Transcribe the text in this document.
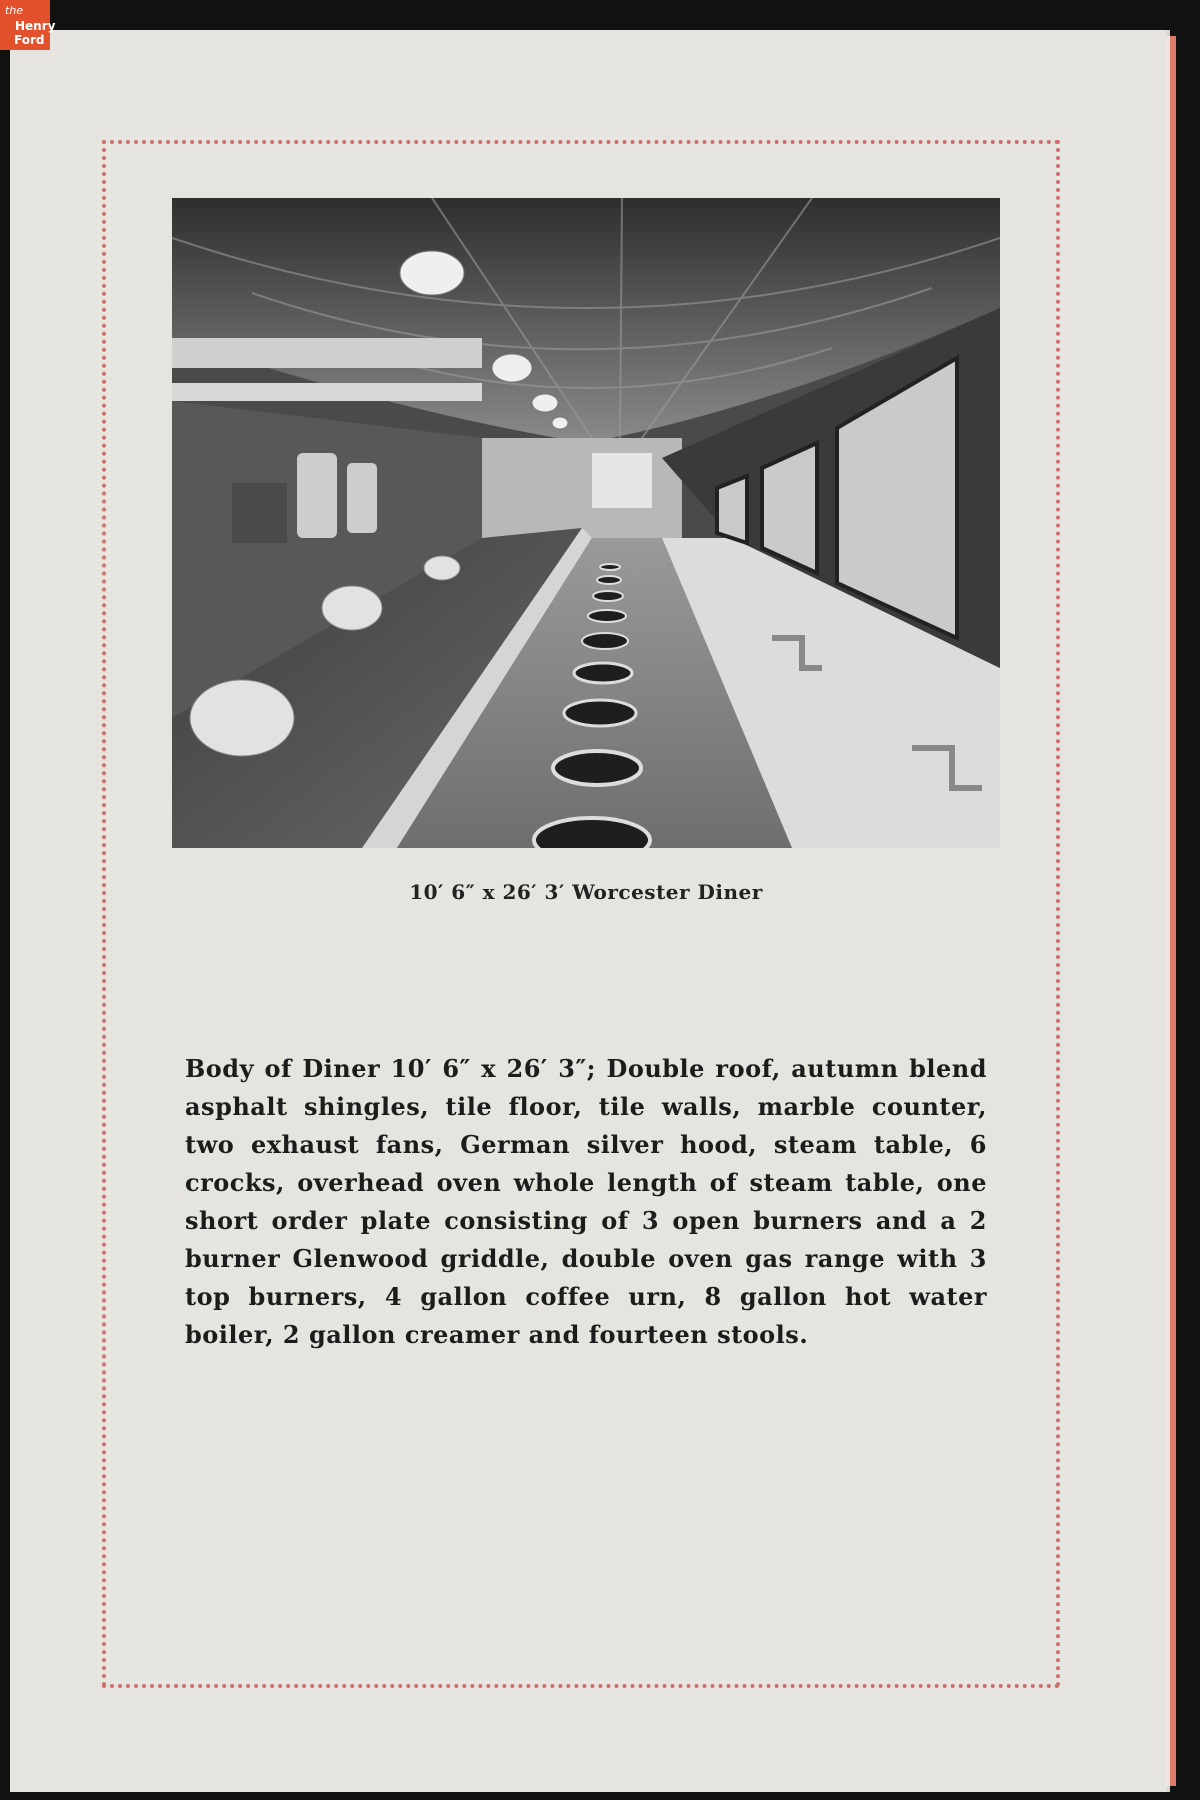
the
Henry
Ford
10′ 6″ x 26′ 3′ Worcester Diner
Body of Diner 10′ 6″ x 26′ 3″; Double roof, autumn blend asphalt shingles, tile floor, tile walls, marble counter, two exhaust fans, German silver hood, steam table, 6 crocks, overhead oven whole length of steam table, one short order plate consisting of 3 open burners and a 2 burner Glenwood griddle, double oven gas range with 3 top burners, 4 gallon coffee urn, 8 gallon hot water boiler, 2 gallon creamer and fourteen stools.
